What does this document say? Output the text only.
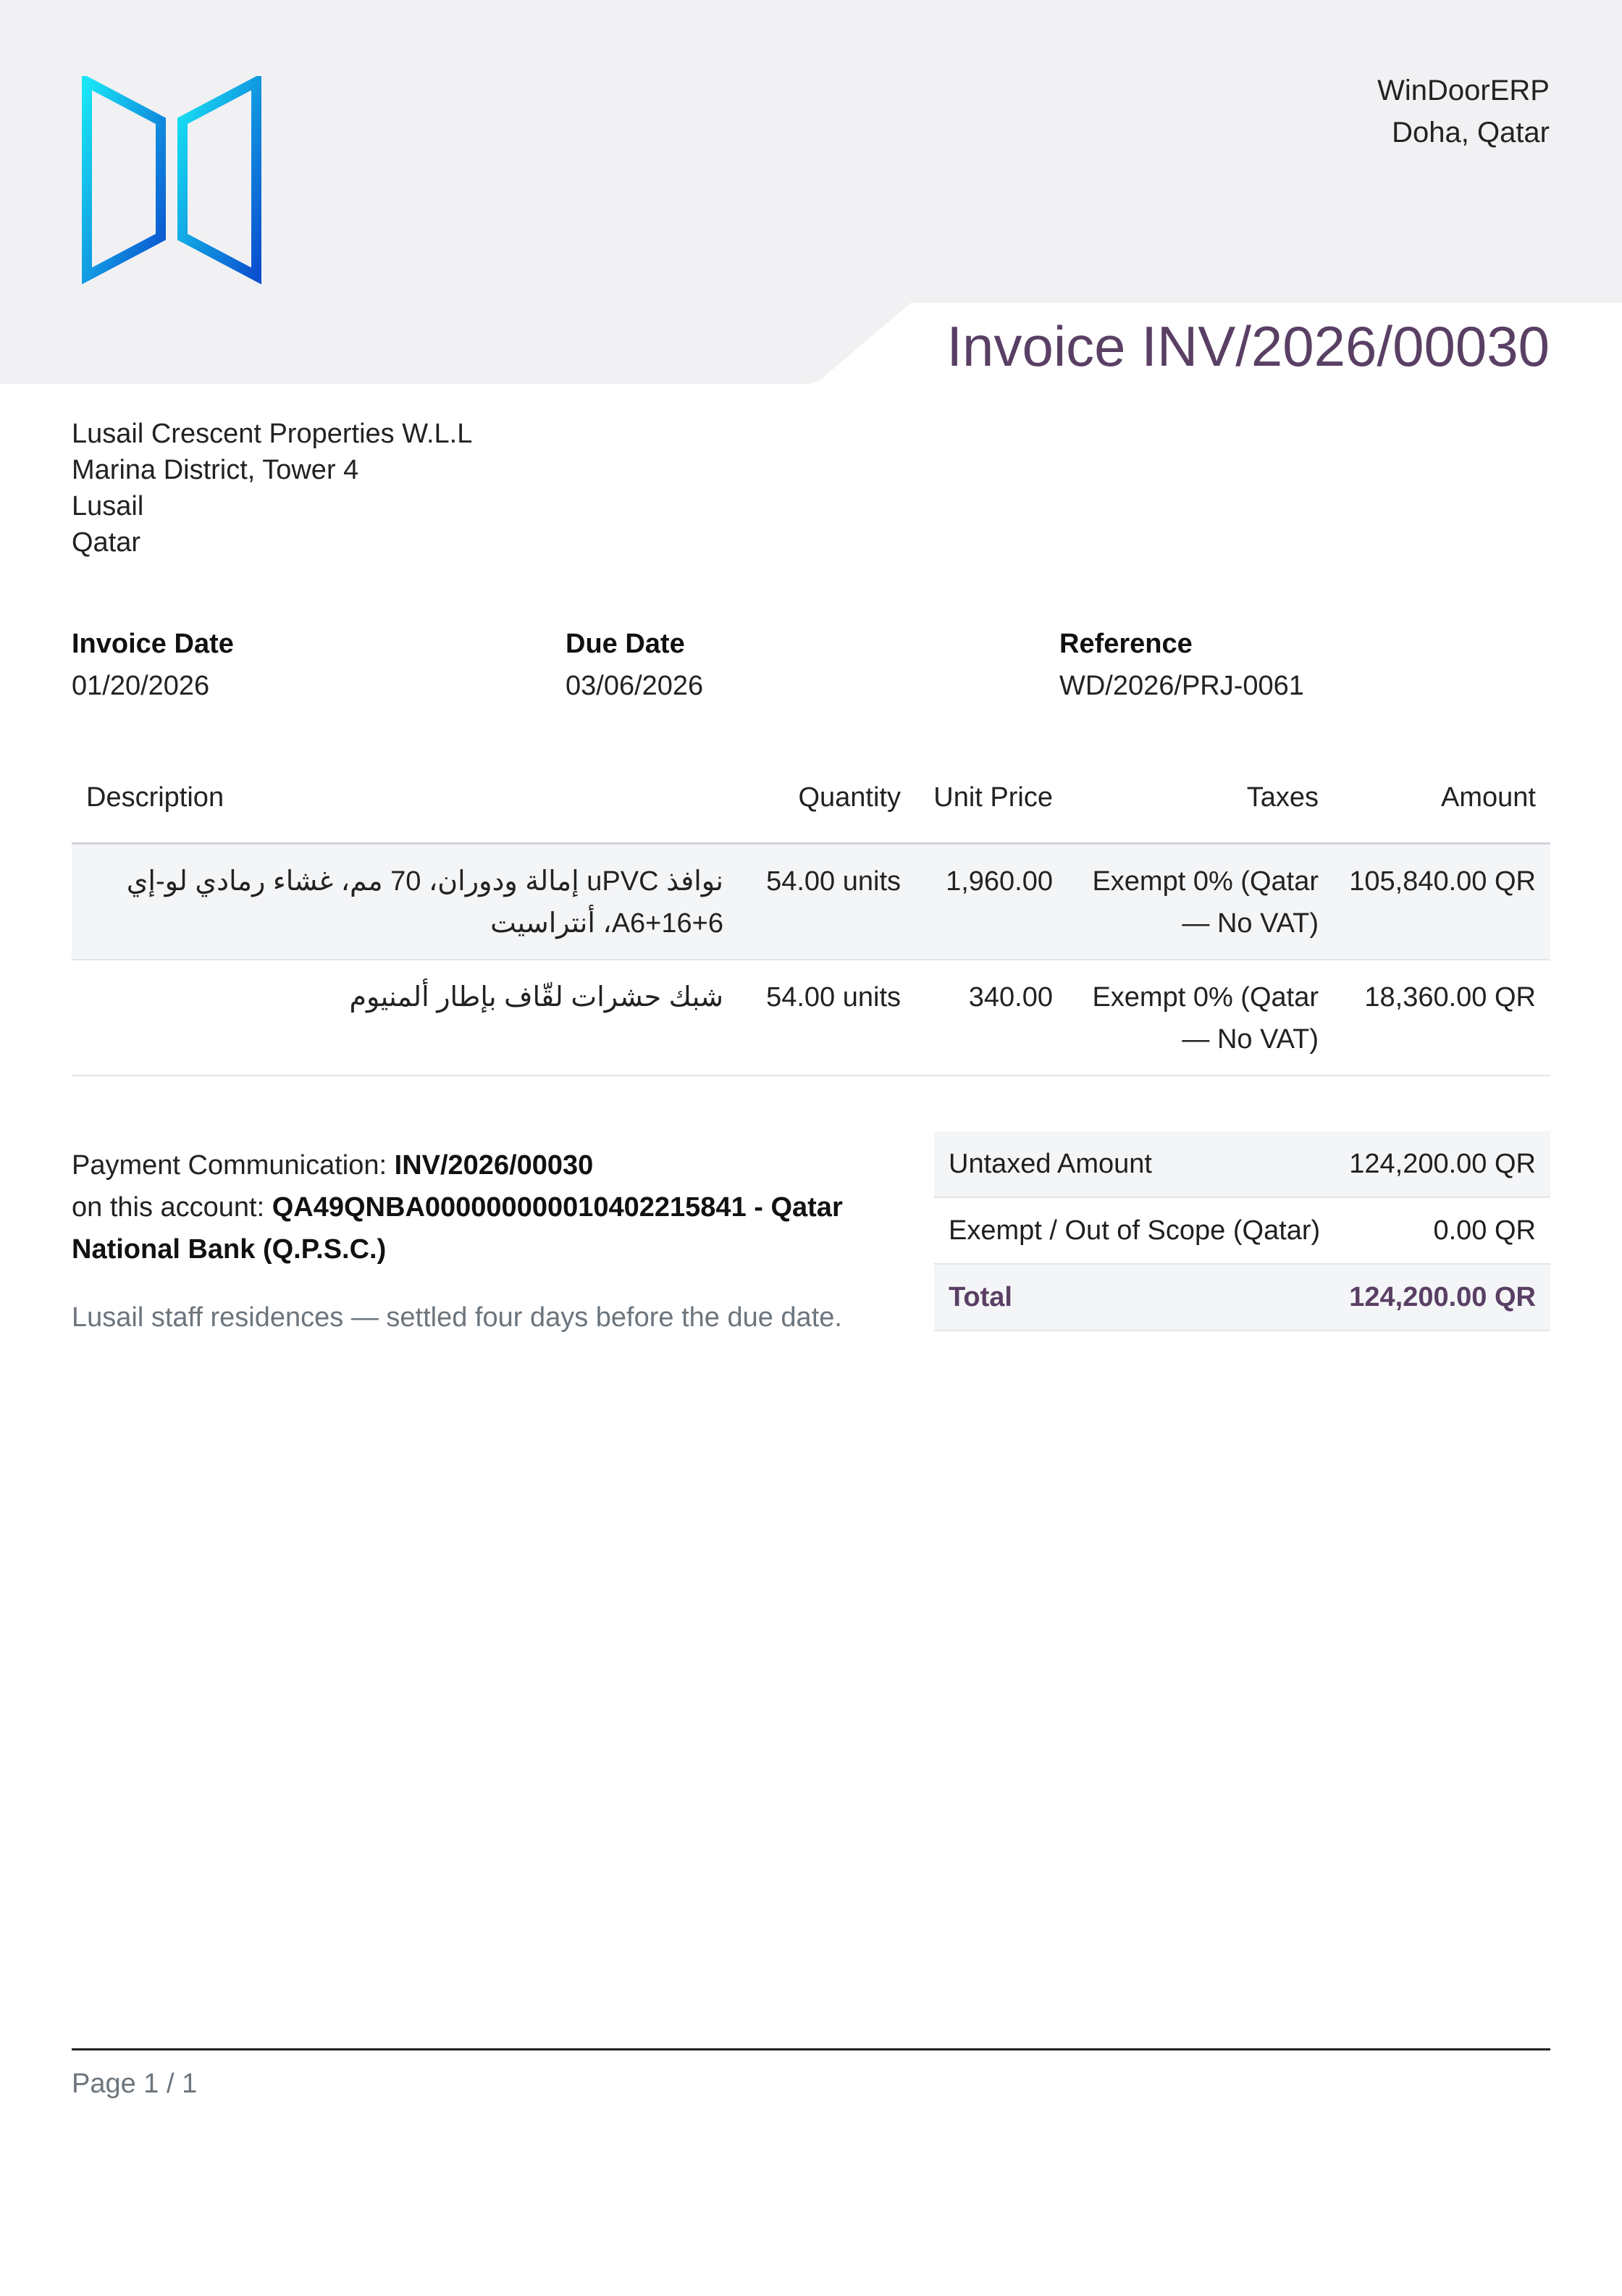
WinDoorERP
Doha, Qatar
Invoice INV/2026/00030
Lusail Crescent Properties W.L.L
Marina District, Tower 4
Lusail
Qatar
Invoice Date
01/20/2026
Due Date
03/06/2026
Reference
WD/2026/PRJ-0061
Description	Quantity	Unit Price	Taxes	Amount
نوافذ uPVC إمالة ودوران، 70 مم، غشاء رمادي لو-إي 6+A6+16، أنتراسيت	54.00 units	1,960.00	Exempt 0% (Qatar — No VAT)	105,840.00 QR
شبك حشرات لقّاف بإطار ألمنيوم	54.00 units	340.00	Exempt 0% (Qatar — No VAT)	18,360.00 QR
Payment Communication: INV/2026/00030
on this account: QA49QNBA000000000010402215841 - Qatar National Bank (Q.P.S.C.)
Lusail staff residences — settled four days before the due date.
Untaxed Amount	124,200.00 QR
Exempt / Out of Scope (Qatar)	0.00 QR
Total	124,200.00 QR
Page 1 / 1
